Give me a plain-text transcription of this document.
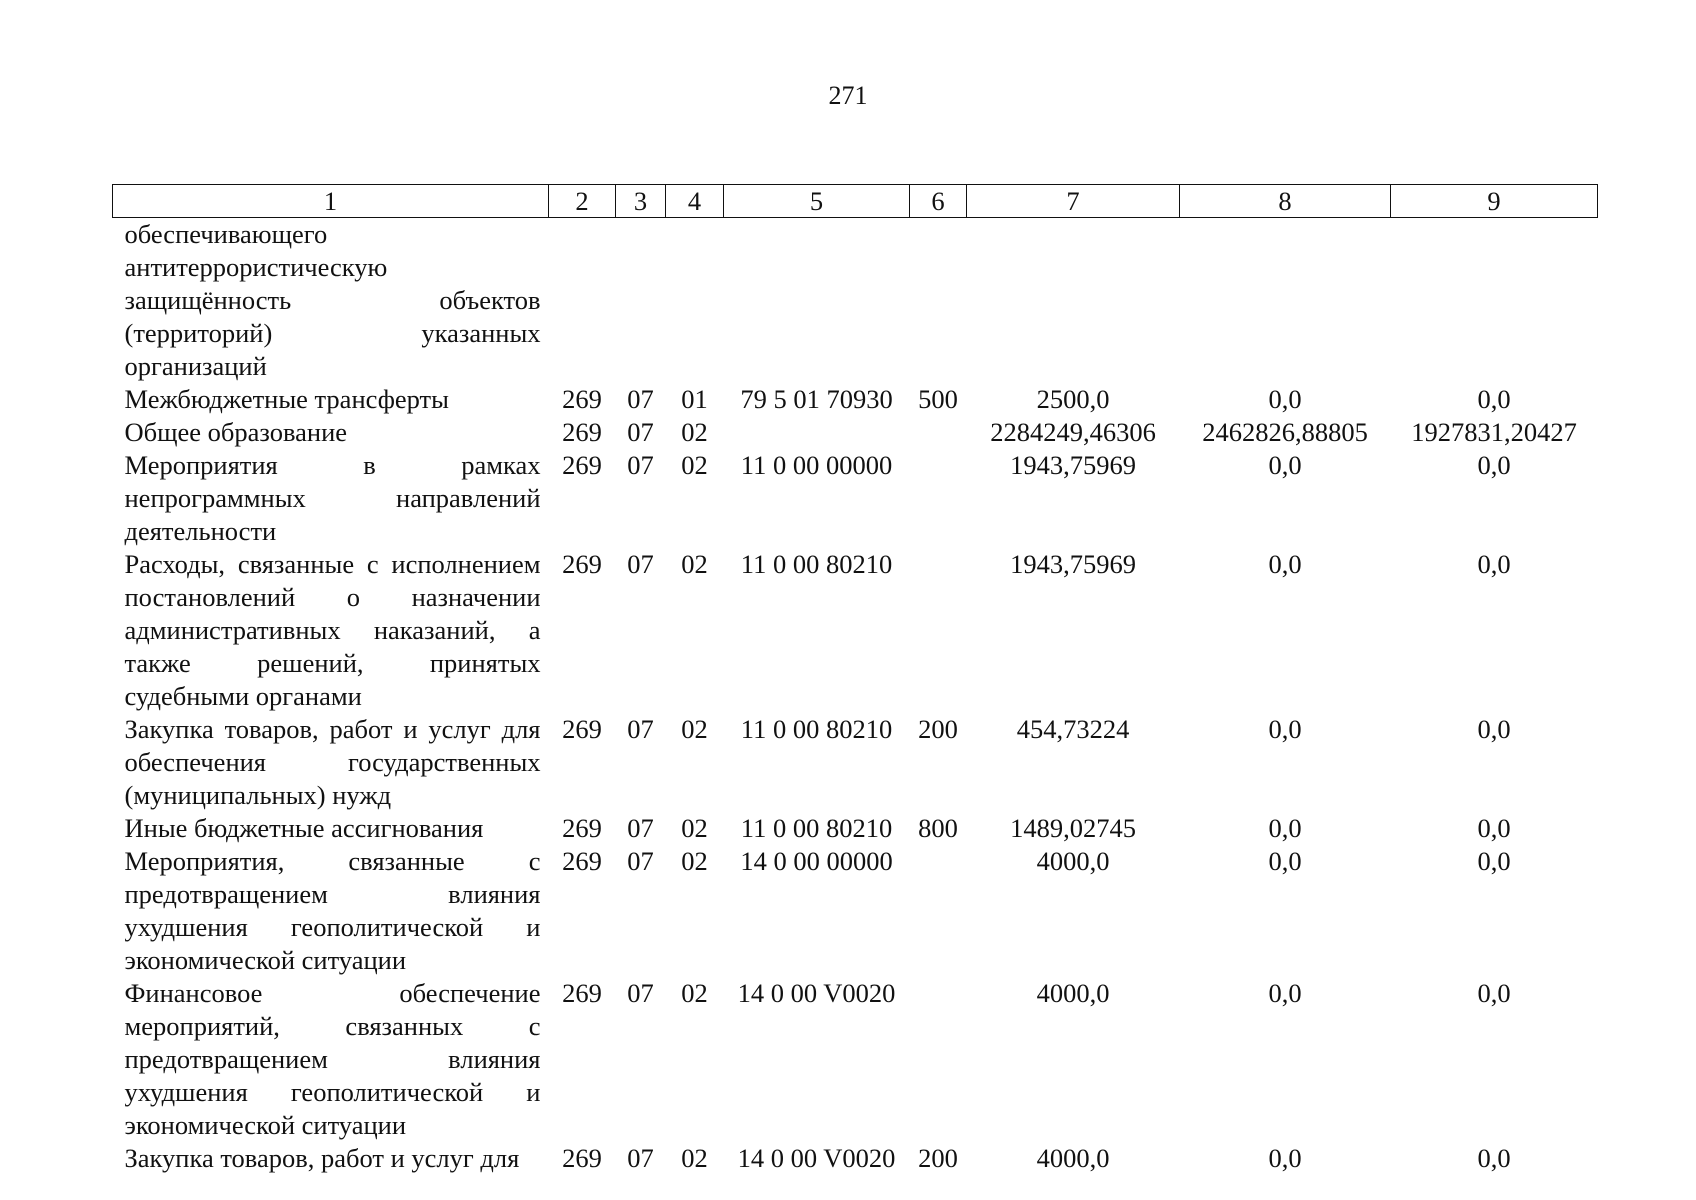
271
1	2	3	4	5	6	7	8	9
обеспечивающего антитеррористическую защищённость объектов (территорий) указанных организаций								
Межбюджетные трансферты	269	07	01	79 5 01 70930	500	2500,0	0,0	0,0
Общее образование	269	07	02			2284249,46306	2462826,88805	1927831,20427
Мероприятия в рамках непрограммных направлений деятельности	269	07	02	11 0 00 00000		1943,75969	0,0	0,0
Расходы, связанные с исполнением постановлений о назначении административных наказаний, а также решений, принятых судебными органами	269	07	02	11 0 00 80210		1943,75969	0,0	0,0
Закупка товаров, работ и услуг для обеспечения государственных (муниципальных) нужд	269	07	02	11 0 00 80210	200	454,73224	0,0	0,0
Иные бюджетные ассигнования	269	07	02	11 0 00 80210	800	1489,02745	0,0	0,0
Мероприятия, связанные с предотвращением влияния ухудшения геополитической и экономической ситуации	269	07	02	14 0 00 00000		4000,0	0,0	0,0
Финансовое обеспечение мероприятий, связанных с предотвращением влияния ухудшения геополитической и экономической ситуации	269	07	02	14 0 00 V0020		4000,0	0,0	0,0
Закупка товаров, работ и услуг для	269	07	02	14 0 00 V0020	200	4000,0	0,0	0,0
